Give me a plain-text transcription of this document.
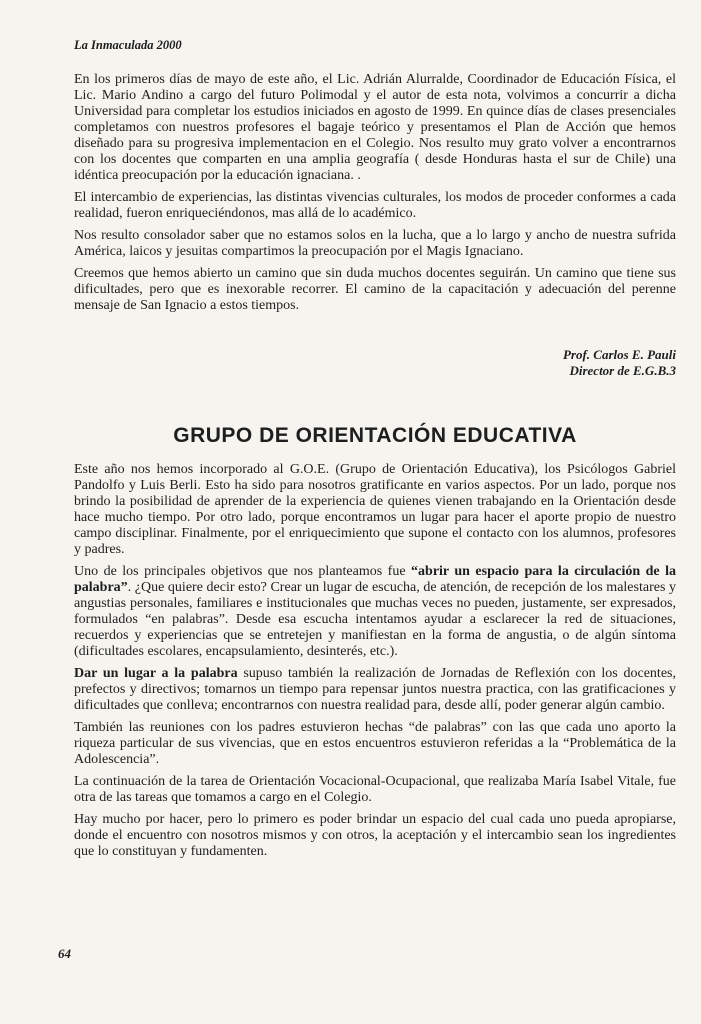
La Inmaculada 2000

En los primeros días de mayo de este año, el Lic. Adrián Alurralde, Coordinador de Educación Física, el Lic. Mario Andino a cargo del futuro Polimodal y el autor de esta nota, volvimos a concurrir a dicha Universidad para completar los estudios iniciados en agosto de 1999. En quince días de clases presenciales completamos con nuestros profesores el bagaje teórico y presentamos el Plan de Acción que hemos diseñado para su progresiva implementacion en el Colegio. Nos resulto muy grato volver a encontrarnos con los docentes que comparten en una amplia geografía ( desde Honduras hasta el sur de Chile) una idéntica preocupación por la educación ignaciana. .

El intercambio de experiencias, las distintas vivencias culturales, los modos de proceder conformes a cada realidad, fueron enriqueciéndonos, mas allá de lo académico.

Nos resulto consolador saber que no estamos solos en la lucha, que a lo largo y ancho de nuestra sufrida América, laicos y jesuitas compartimos la preocupación por el Magis Ignaciano.

Creemos que hemos abierto un camino que sin duda muchos docentes seguirán. Un camino que tiene sus dificultades, pero que es inexorable recorrer. El camino de la capacitación y adecuación del perenne mensaje de San Ignacio a estos tiempos.

Prof. Carlos E. Pauli
Director de E.G.B.3
GRUPO DE ORIENTACIÓN EDUCATIVA

Este año nos hemos incorporado al G.O.E. (Grupo de Orientación Educativa), los Psicólogos Gabriel Pandolfo y Luis Berli. Esto ha sido para nosotros gratificante en varios aspectos. Por un lado, porque nos brindo la posibilidad de aprender de la experiencia de quienes vienen trabajando en la Orientación desde hace mucho tiempo. Por otro lado, porque encontramos un lugar para hacer el aporte propio de nuestro campo disciplinar. Finalmente, por el enriquecimiento que supone el contacto con los alumnos, profesores y padres.

Uno de los principales objetivos que nos planteamos fue “abrir un espacio para la circulación de la palabra”. ¿Que quiere decir esto? Crear un lugar de escucha, de atención, de recepción de los malestares y angustias personales, familiares e institucionales que muchas veces no pueden, justamente, ser expresados, formulados “en palabras”. Desde esa escucha intentamos ayudar a esclarecer la red de situaciones, recuerdos y experiencias que se entretejen y manifiestan en la forma de angustia, o de algún síntoma (dificultades escolares, encapsulamiento, desinterés, etc.).

Dar un lugar a la palabra supuso también la realización de Jornadas de Reflexión con los docentes, prefectos y directivos; tomarnos un tiempo para repensar juntos nuestra practica, con las gratificaciones y dificultades que conlleva; encontrarnos con nuestra realidad para, desde allí, poder generar algún cambio.

También las reuniones con los padres estuvieron hechas “de palabras” con las que cada uno aporto la riqueza particular de sus vivencias, que en estos encuentros estuvieron referidas a la “Problemática de la Adolescencia”.

La continuación de la tarea de Orientación Vocacional-Ocupacional, que realizaba María Isabel Vitale, fue otra de las tareas que tomamos a cargo en el Colegio.

Hay mucho por hacer, pero lo primero es poder brindar un espacio del cual cada uno pueda apropiarse, donde el encuentro con nosotros mismos y con otros, la aceptación y el intercambio sean los ingredientes que lo constituyan y fundamenten.

64
